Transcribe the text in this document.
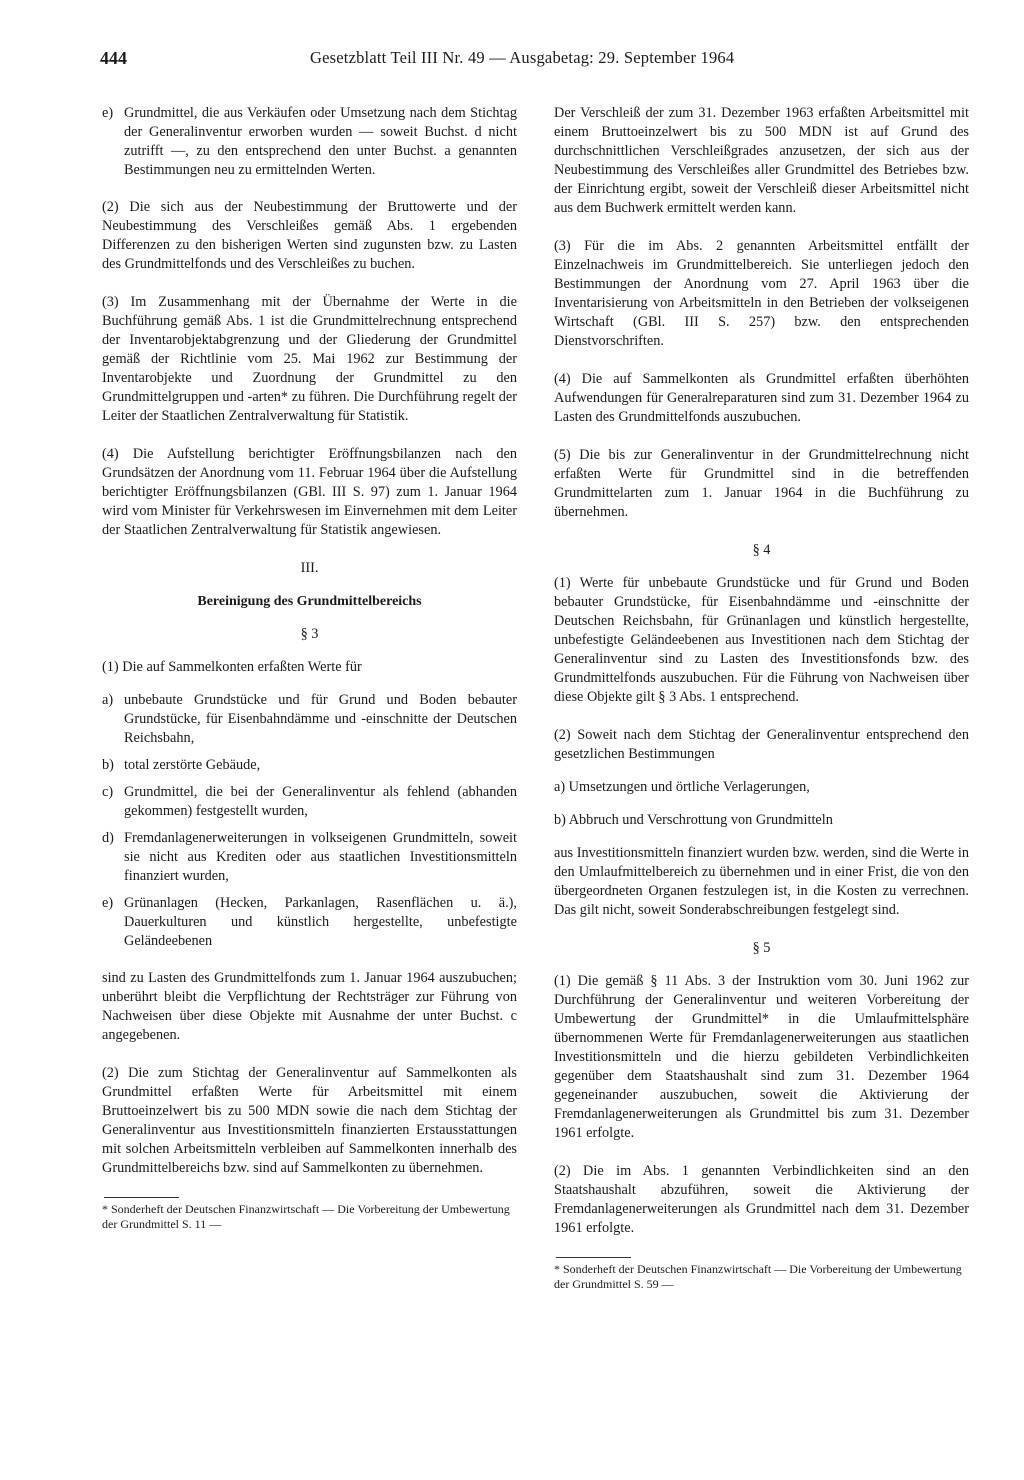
444	Gesetzblatt Teil III Nr. 49 — Ausgabetag: 29. September 1964
e) Grundmittel, die aus Verkäufen oder Umsetzung nach dem Stichtag der Generalinventur erworben wurden — soweit Buchst. d nicht zutrifft —, zu den entsprechend den unter Buchst. a genannten Bestimmungen neu zu ermittelnden Werten.

(2) Die sich aus der Neubestimmung der Bruttowerte und der Neubestimmung des Verschleißes gemäß Abs. 1 ergebenden Differenzen zu den bisherigen Werten sind zugunsten bzw. zu Lasten des Grundmittelfonds und des Verschleißes zu buchen.

(3) Im Zusammenhang mit der Übernahme der Werte in die Buchführung gemäß Abs. 1 ist die Grundmittelrechnung entsprechend der Inventarobjektabgrenzung und der Gliederung der Grundmittel gemäß der Richtlinie vom 25. Mai 1962 zur Bestimmung der Inventarobjekte und Zuordnung der Grundmittel zu den Grundmittelgruppen und -arten* zu führen. Die Durchführung regelt der Leiter der Staatlichen Zentralverwaltung für Statistik.

(4) Die Aufstellung berichtigter Eröffnungsbilanzen nach den Grundsätzen der Anordnung vom 11. Februar 1964 über die Aufstellung berichtigter Eröffnungsbilanzen (GBl. III S. 97) zum 1. Januar 1964 wird vom Minister für Verkehrswesen im Einvernehmen mit dem Leiter der Staatlichen Zentralverwaltung für Statistik angewiesen.

III.
Bereinigung des Grundmittelbereichs
§ 3

(1) Die auf Sammelkonten erfaßten Werte für

a) unbebaute Grundstücke und für Grund und Boden bebauter Grundstücke, für Eisenbahndämme und -einschnitte der Deutschen Reichsbahn,
b) total zerstörte Gebäude,
c) Grundmittel, die bei der Generalinventur als fehlend (abhanden gekommen) festgestellt wurden,
d) Fremdanlagenerweiterungen in volkseigenen Grundmitteln, soweit sie nicht aus Krediten oder aus staatlichen Investitionsmitteln finanziert wurden,
e) Grünanlagen (Hecken, Parkanlagen, Rasenflächen u. ä.), Dauerkulturen und künstlich hergestellte, unbefestigte Geländeebenen

sind zu Lasten des Grundmittelfonds zum 1. Januar 1964 auszubuchen; unberührt bleibt die Verpflichtung der Rechtsträger zur Führung von Nachweisen über diese Objekte mit Ausnahme der unter Buchst. c angegebenen.

(2) Die zum Stichtag der Generalinventur auf Sammelkonten als Grundmittel erfaßten Werte für Arbeitsmittel mit einem Bruttoeinzelwert bis zu 500 MDN sowie die nach dem Stichtag der Generalinventur aus Investitionsmitteln finanzierten Erstausstattungen mit solchen Arbeitsmitteln verbleiben auf Sammelkonten innerhalb des Grundmittelbereichs bzw. sind auf Sammelkonten zu übernehmen.

* Sonderheft der Deutschen Finanzwirtschaft — Die Vorbereitung der Umbewertung der Grundmittel S. 11 —

Der Verschleiß der zum 31. Dezember 1963 erfaßten Arbeitsmittel mit einem Bruttoeinzelwert bis zu 500 MDN ist auf Grund des durchschnittlichen Verschleißgrades anzusetzen, der sich aus der Neubestimmung des Verschleißes aller Grundmittel des Betriebes bzw. der Einrichtung ergibt, soweit der Verschleiß dieser Arbeitsmittel nicht aus dem Buchwerk ermittelt werden kann.

(3) Für die im Abs. 2 genannten Arbeitsmittel entfällt der Einzelnachweis im Grundmittelbereich. Sie unterliegen jedoch den Bestimmungen der Anordnung vom 27. April 1963 über die Inventarisierung von Arbeitsmitteln in den Betrieben der volkseigenen Wirtschaft (GBl. III S. 257) bzw. den entsprechenden Dienstvorschriften.

(4) Die auf Sammelkonten als Grundmittel erfaßten überhöhten Aufwendungen für Generalreparaturen sind zum 31. Dezember 1964 zu Lasten des Grundmittelfonds auszubuchen.

(5) Die bis zur Generalinventur in der Grundmittelrechnung nicht erfaßten Werte für Grundmittel sind in die betreffenden Grundmittelarten zum 1. Januar 1964 in die Buchführung zu übernehmen.

§ 4

(1) Werte für unbebaute Grundstücke und für Grund und Boden bebauter Grundstücke, für Eisenbahndämme und -einschnitte der Deutschen Reichsbahn, für Grünanlagen und künstlich hergestellte, unbefestigte Geländeebenen aus Investitionen nach dem Stichtag der Generalinventur sind zu Lasten des Investitionsfonds bzw. des Grundmittelfonds auszubuchen. Für die Führung von Nachweisen über diese Objekte gilt § 3 Abs. 1 entsprechend.

(2) Soweit nach dem Stichtag der Generalinventur entsprechend den gesetzlichen Bestimmungen

a) Umsetzungen und örtliche Verlagerungen,

b) Abbruch und Verschrottung von Grundmitteln

aus Investitionsmitteln finanziert wurden bzw. werden, sind die Werte in den Umlaufmittelbereich zu übernehmen und in einer Frist, die von den übergeordneten Organen festzulegen ist, in die Kosten zu verrechnen. Das gilt nicht, soweit Sonderabschreibungen festgelegt sind.

§ 5

(1) Die gemäß § 11 Abs. 3 der Instruktion vom 30. Juni 1962 zur Durchführung der Generalinventur und weiteren Vorbereitung der Umbewertung der Grundmittel* in die Umlaufmittelsphäre übernommenen Werte für Fremdanlagenerweiterungen aus staatlichen Investitionsmitteln und die hierzu gebildeten Verbindlichkeiten gegenüber dem Staatshaushalt sind zum 31. Dezember 1964 gegeneinander auszubuchen, soweit die Aktivierung der Fremdanlagenerweiterungen als Grundmittel bis zum 31. Dezember 1961 erfolgte.

(2) Die im Abs. 1 genannten Verbindlichkeiten sind an den Staatshaushalt abzuführen, soweit die Aktivierung der Fremdanlagenerweiterungen als Grundmittel nach dem 31. Dezember 1961 erfolgte.

* Sonderheft der Deutschen Finanzwirtschaft — Die Vorbereitung der Umbewertung der Grundmittel S. 59 —
